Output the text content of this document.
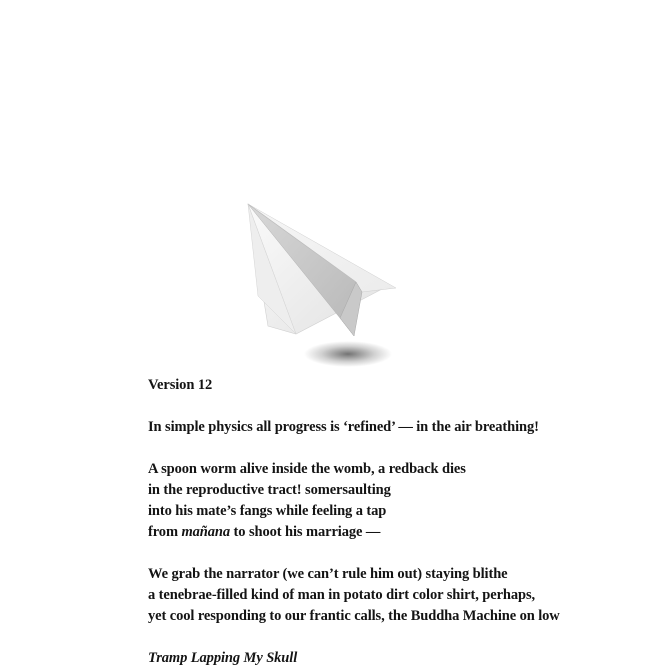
Version 12
In simple physics all progress is ‘refined’ — in the air breathing!
A spoon worm alive inside the womb, a redback dies
in the reproductive tract! somersaulting
into his mate’s fangs while feeling a tap
from mañana to shoot his marriage —
We grab the narrator (we can’t rule him out) staying blithe
a tenebrae-filled kind of man in potato dirt color shirt, perhaps,
yet cool responding to our frantic calls, the Buddha Machine on low
Tramp Lapping My Skull
